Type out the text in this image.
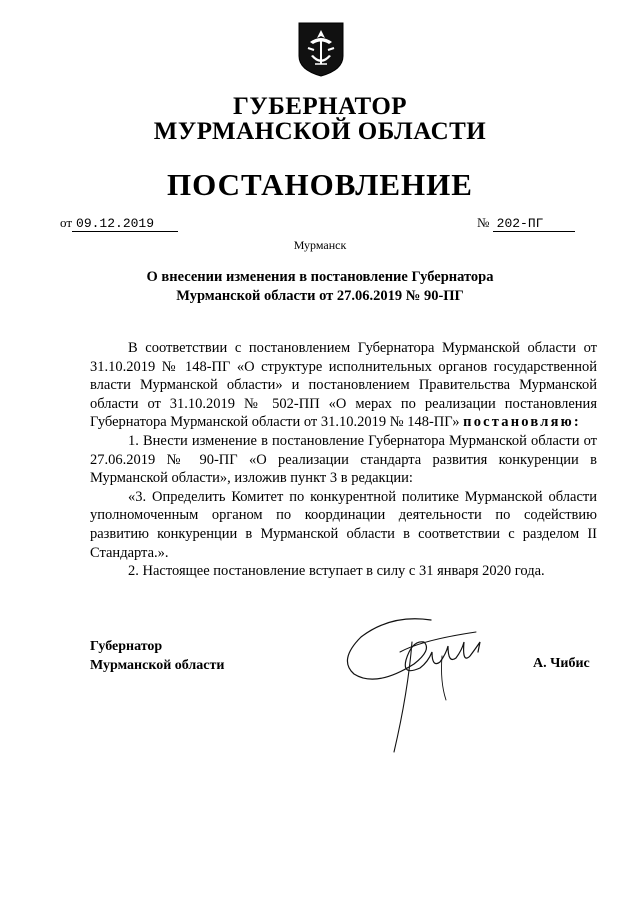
ГУБЕРНАТОР
МУРМАНСКОЙ ОБЛАСТИ
ПОСТАНОВЛЕНИЕ
от 09.12.2019	№ 202-ПГ
Мурманск
О внесении изменения в постановление Губернатора Мурманской области от 27.06.2019 № 90-ПГ

В соответствии с постановлением Губернатора Мурманской области от 31.10.2019 № 148-ПГ «О структуре исполнительных органов государственной власти Мурманской области» и постановлением Правительства Мурманской области от 31.10.2019 № 502-ПП «О мерах по реализации постановления Губернатора Мурманской области от 31.10.2019 № 148-ПГ» постановляю:

1. Внести изменение в постановление Губернатора Мурманской области от 27.06.2019 № 90-ПГ «О реализации стандарта развития конкуренции в Мурманской области», изложив пункт 3 в редакции:

«3. Определить Комитет по конкурентной политике Мурманской области уполномоченным органом по координации деятельности по содействию развитию конкуренции в Мурманской области в соответствии с разделом II Стандарта.».

2. Настоящее постановление вступает в силу с 31 января 2020 года.

Губернатор
Мурманской области	А. Чибис
